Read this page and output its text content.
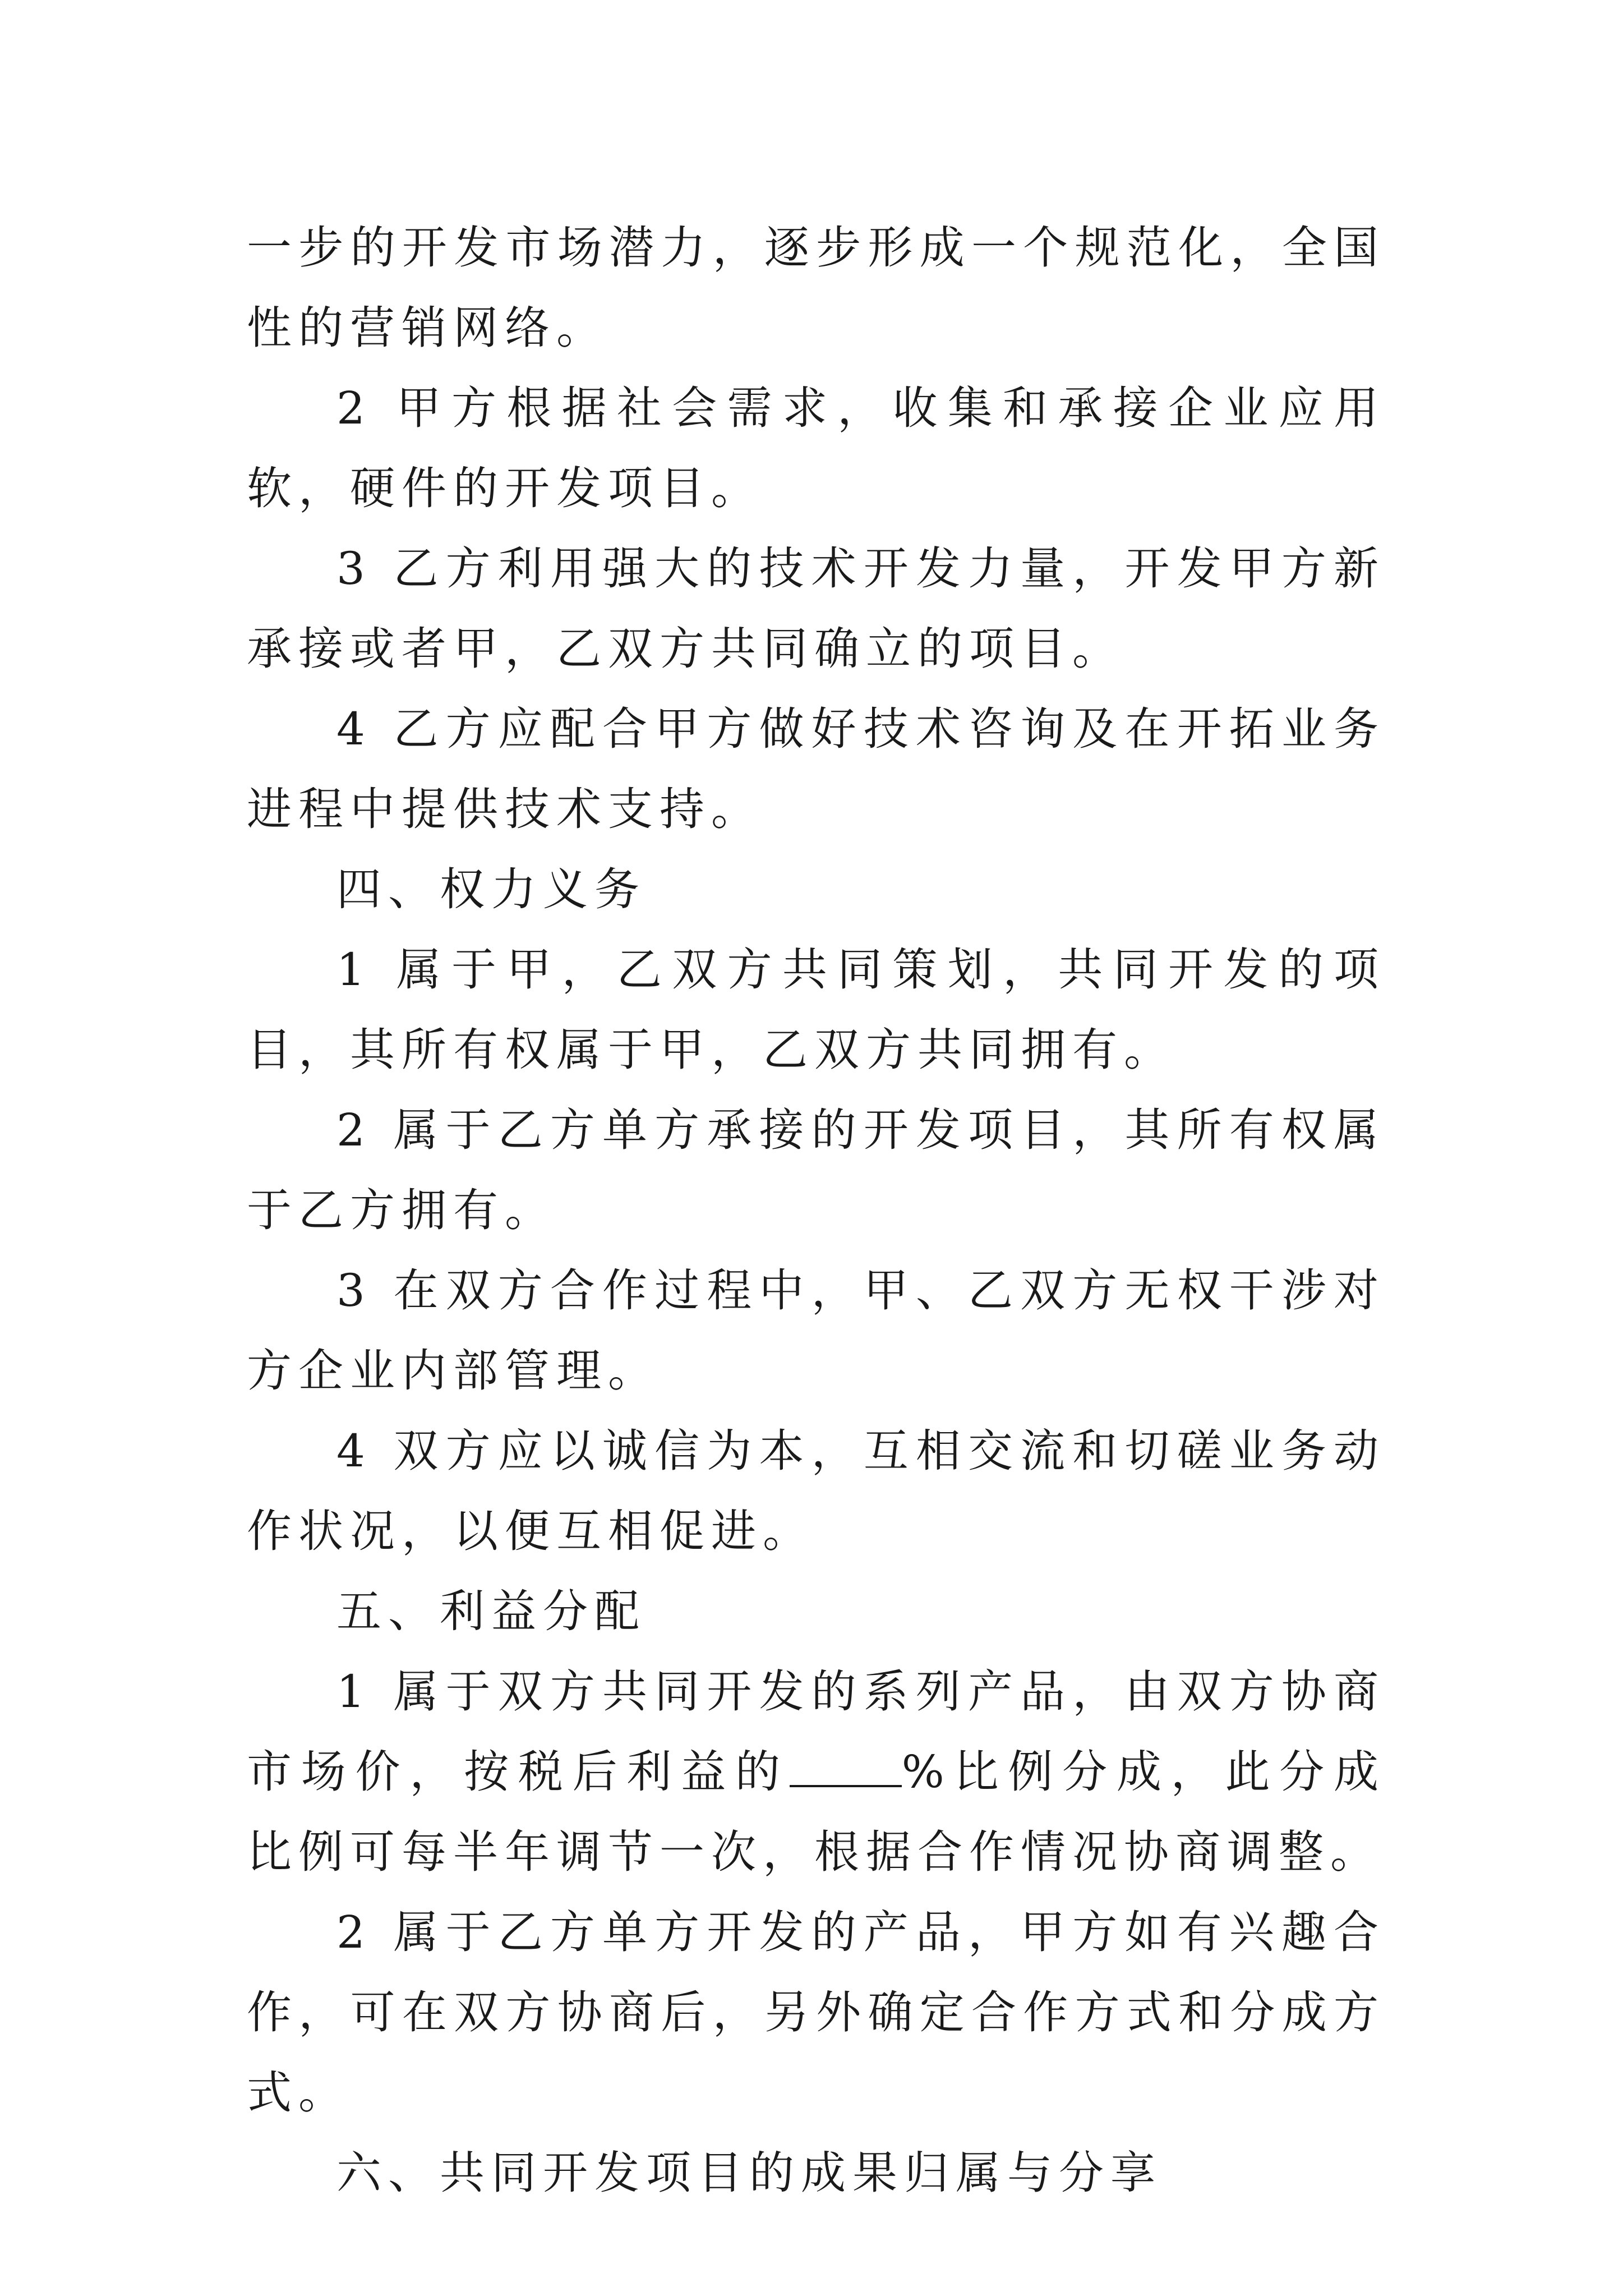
一步的开发市场潜力，逐步形成一个规范化，全国性的营销网络。

2 甲方根据社会需求，收集和承接企业应用软，硬件的开发项目。

3 乙方利用强大的技术开发力量，开发甲方新承接或者甲，乙双方共同确立的项目。

4 乙方应配合甲方做好技术咨询及在开拓业务进程中提供技术支持。

四、权力义务

1 属于甲，乙双方共同策划，共同开发的项目，其所有权属于甲，乙双方共同拥有。

2 属于乙方单方承接的开发项目，其所有权属于乙方拥有。

3 在双方合作过程中，甲、乙双方无权干涉对方企业内部管理。

4 双方应以诚信为本，互相交流和切磋业务动作状况，以便互相促进。

五、利益分配

1 属于双方共同开发的系列产品，由双方协商市场价，按税后利益的	%比例分成，此分成比例可每半年调节一次，根据合作情况协商调整。

2 属于乙方单方开发的产品，甲方如有兴趣合作，可在双方协商后，另外确定合作方式和分成方式。

六、共同开发项目的成果归属与分享
